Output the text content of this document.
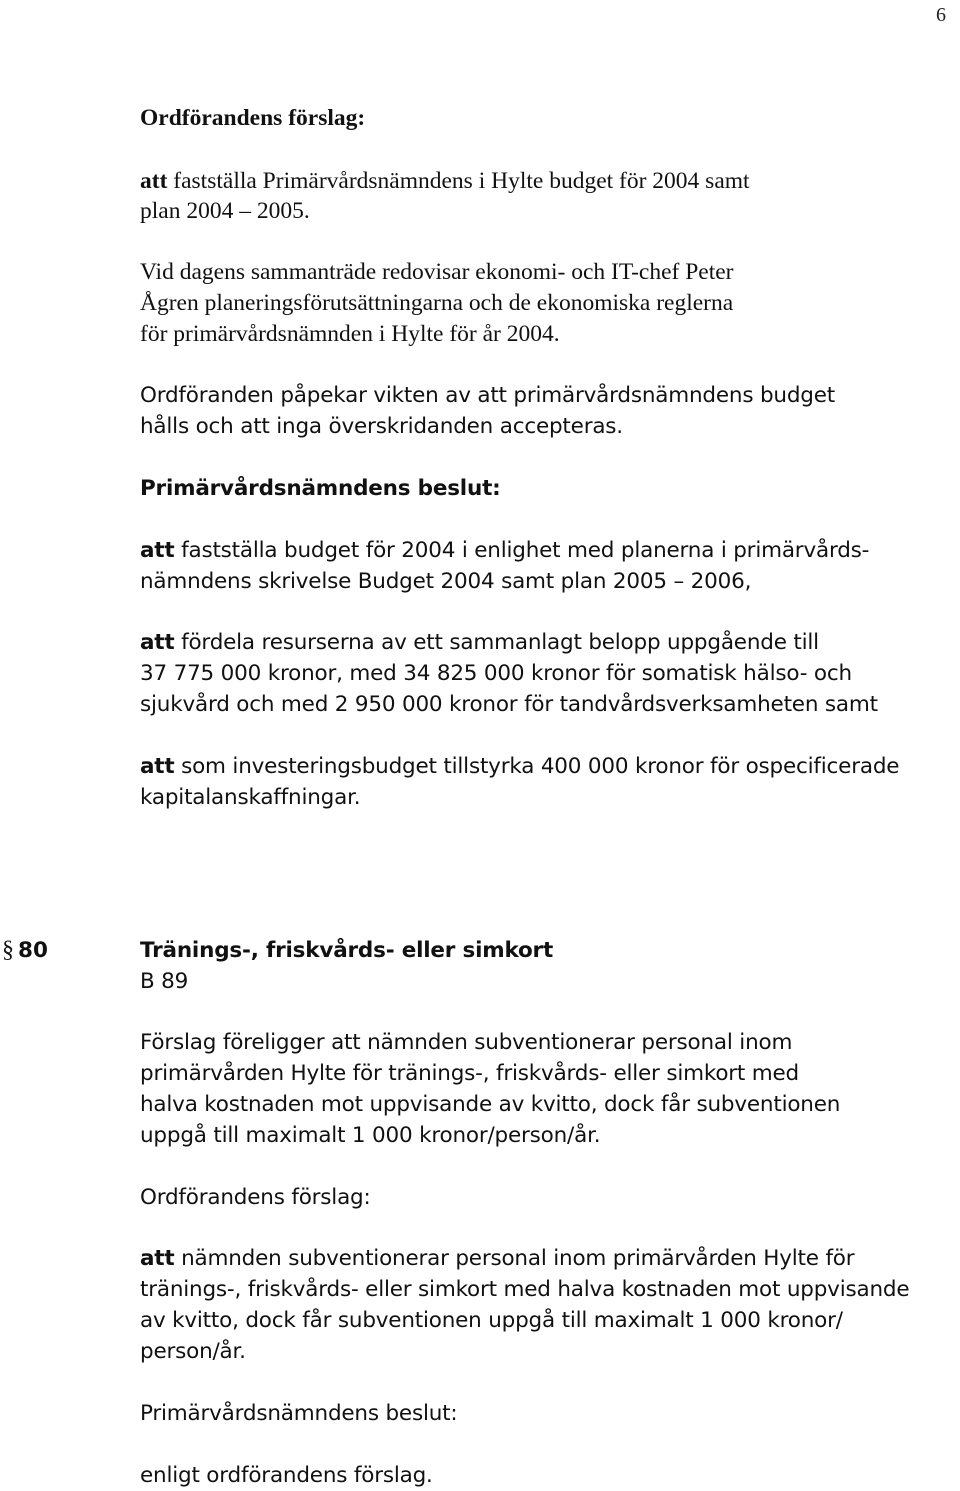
6
Ordförandens förslag:
att fastställa Primärvårdsnämndens i Hylte budget för 2004 samt
plan 2004 – 2005.
Vid dagens sammanträde redovisar ekonomi- och IT-chef Peter
Ågren planeringsförutsättningarna och de ekonomiska reglerna
för primärvårdsnämnden i Hylte för år 2004.
Ordföranden påpekar vikten av att primärvårdsnämndens budget
hålls och att inga överskridanden accepteras.
Primärvårdsnämndens beslut:
att fastställa budget för 2004 i enlighet med planerna i primärvårds-
nämndens skrivelse Budget 2004 samt plan 2005 – 2006,
att fördela resurserna av ett sammanlagt belopp uppgående till
37 775 000 kronor, med 34 825 000 kronor för somatisk hälso- och
sjukvård och med 2 950 000 kronor för tandvårdsverksamheten samt
att som investeringsbudget tillstyrka 400 000 kronor för ospecificerade
kapitalanskaffningar.
§ 80	Tränings-, friskvårds- eller simkort
B 89
Förslag föreligger att nämnden subventionerar personal inom
primärvården Hylte för tränings-, friskvårds- eller simkort med
halva kostnaden mot uppvisande av kvitto, dock får subventionen
uppgå till maximalt 1 000 kronor/person/år.
Ordförandens förslag:
att nämnden subventionerar personal inom primärvården Hylte för
tränings-, friskvårds- eller simkort med halva kostnaden mot uppvisande
av kvitto, dock får subventionen uppgå till maximalt 1 000 kronor/
person/år.
Primärvårdsnämndens beslut:
enligt ordförandens förslag.
